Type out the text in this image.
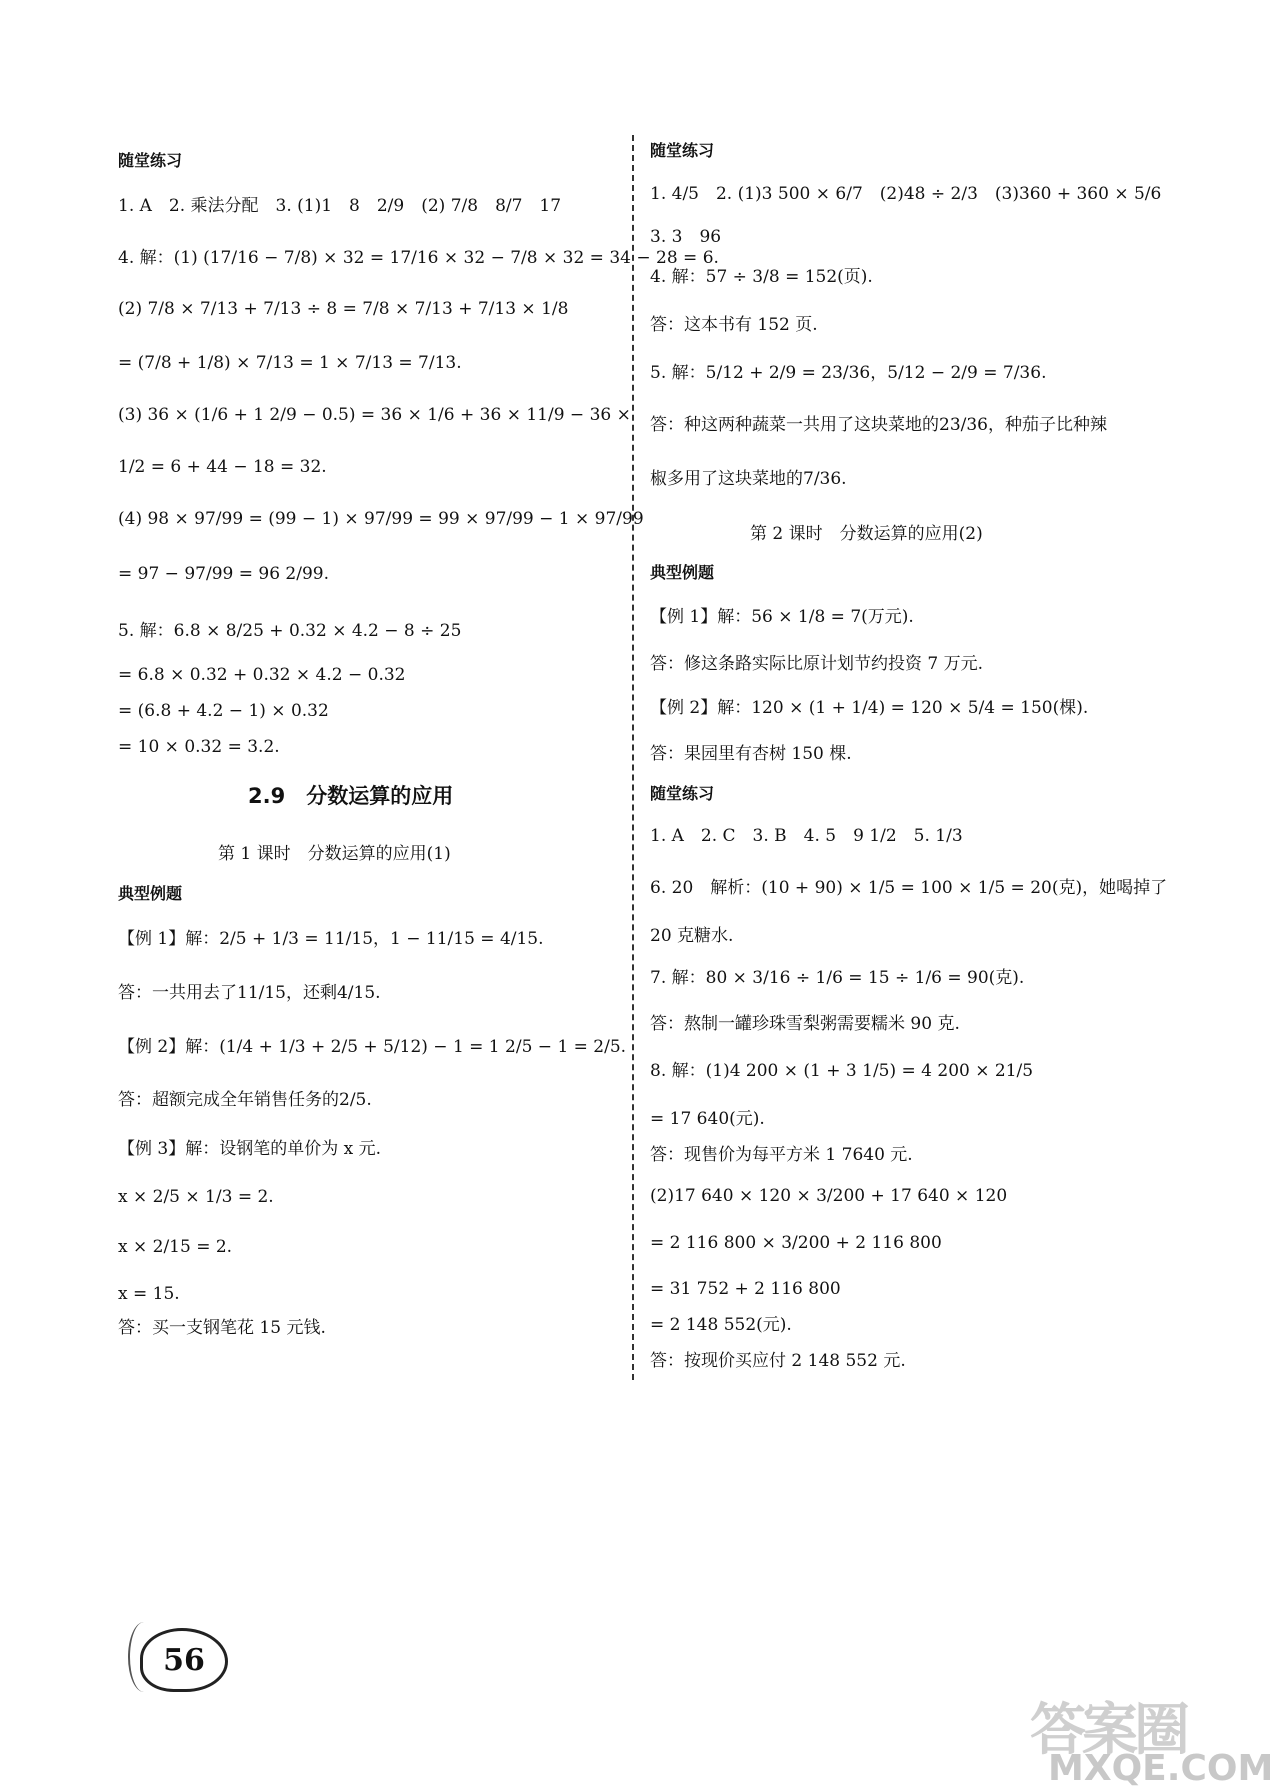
随堂练习
1. A　2. 乘法分配　3. (1)1　8　2/9　(2) 7/8　8/7　17
4. 解：(1) (17/16 − 7/8) × 32 = 17/16 × 32 − 7/8 × 32 = 34 − 28 = 6.
(2) 7/8 × 7/13 + 7/13 ÷ 8 = 7/8 × 7/13 + 7/13 × 1/8
= (7/8 + 1/8) × 7/13 = 1 × 7/13 = 7/13.
(3) 36 × (1/6 + 1 2/9 − 0.5) = 36 × 1/6 + 36 × 11/9 − 36 ×
1/2 = 6 + 44 − 18 = 32.
(4) 98 × 97/99 = (99 − 1) × 97/99 = 99 × 97/99 − 1 × 97/99
= 97 − 97/99 = 96 2/99.
5. 解：6.8 × 8/25 + 0.32 × 4.2 − 8 ÷ 25
= 6.8 × 0.32 + 0.32 × 4.2 − 0.32
= (6.8 + 4.2 − 1) × 0.32
= 10 × 0.32 = 3.2.
2.9　分数运算的应用
第 1 课时　分数运算的应用(1)
典型例题
【例 1】解：2/5 + 1/3 = 11/15，1 − 11/15 = 4/15.
答：一共用去了11/15，还剩4/15.
【例 2】解：(1/4 + 1/3 + 2/5 + 5/12) − 1 = 1 2/5 − 1 = 2/5.
答：超额完成全年销售任务的2/5.
【例 3】解：设钢笔的单价为 x 元.
x × 2/5 × 1/3 = 2.
x × 2/15 = 2.
x = 15.
答：买一支钢笔花 15 元钱.
随堂练习
1. 4/5　2. (1)3 500 × 6/7　(2)48 ÷ 2/3　(3)360 + 360 × 5/6
3. 3　96
4. 解：57 ÷ 3/8 = 152(页).
答：这本书有 152 页.
5. 解：5/12 + 2/9 = 23/36，5/12 − 2/9 = 7/36.
答：种这两种蔬菜一共用了这块菜地的23/36，种茄子比种辣
椒多用了这块菜地的7/36.
第 2 课时　分数运算的应用(2)
典型例题
【例 1】解：56 × 1/8 = 7(万元).
答：修这条路实际比原计划节约投资 7 万元.
【例 2】解：120 × (1 + 1/4) = 120 × 5/4 = 150(棵).
答：果园里有杏树 150 棵.
随堂练习
1. A　2. C　3. B　4. 5　9 1/2　5. 1/3
6. 20　解析：(10 + 90) × 1/5 = 100 × 1/5 = 20(克)，她喝掉了
20 克糖水.
7. 解：80 × 3/16 ÷ 1/6 = 15 ÷ 1/6 = 90(克).
答：熬制一罐珍珠雪梨粥需要糯米 90 克.
8. 解：(1)4 200 × (1 + 3 1/5) = 4 200 × 21/5
= 17 640(元).
答：现售价为每平方米 1 7640 元.
(2)17 640 × 120 × 3/200 + 17 640 × 120
= 2 116 800 × 3/200 + 2 116 800
= 31 752 + 2 116 800
= 2 148 552(元).
答：按现价买应付 2 148 552 元.
56
答案圈
MXQE.COM
